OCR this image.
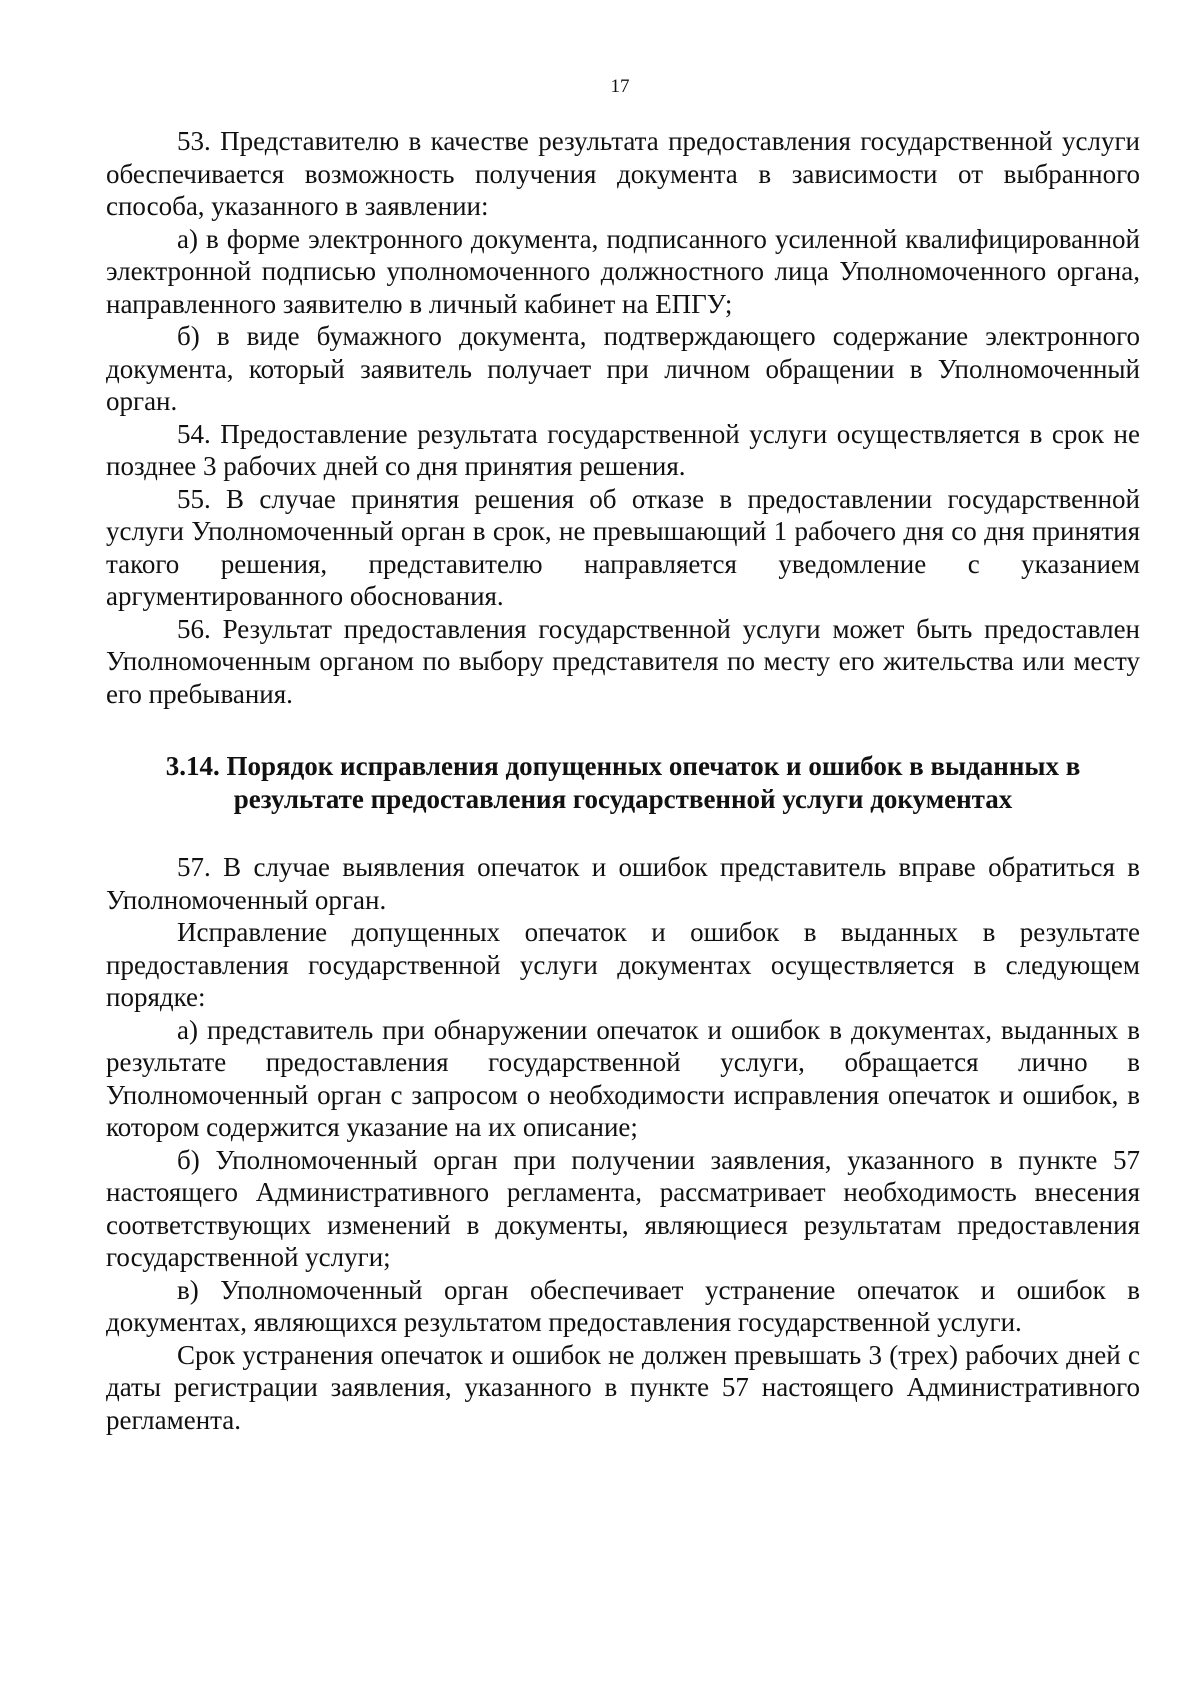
17

53. Представителю в качестве результата предоставления государственной услуги обеспечивается возможность получения документа в зависимости от выбранного способа, указанного в заявлении:

а) в форме электронного документа, подписанного усиленной квалифицированной электронной подписью уполномоченного должностного лица Уполномоченного органа, направленного заявителю в личный кабинет на ЕПГУ;

б) в виде бумажного документа, подтверждающего содержание электронного документа, который заявитель получает при личном обращении в Уполномоченный орган.

54. Предоставление результата государственной услуги осуществляется в срок не позднее 3 рабочих дней со дня принятия решения.

55. В случае принятия решения об отказе в предоставлении государственной услуги Уполномоченный орган в срок, не превышающий 1 рабочего дня со дня принятия такого решения, представителю направляется уведомление с указанием аргументированного обоснования.

56. Результат предоставления государственной услуги может быть предоставлен Уполномоченным органом по выбору представителя по месту его жительства или месту его пребывания.

3.14. Порядок исправления допущенных опечаток и ошибок в выданных в
результате предоставления государственной услуги документах

57. В случае выявления опечаток и ошибок представитель вправе обратиться в Уполномоченный орган.

Исправление допущенных опечаток и ошибок в выданных в результате предоставления государственной услуги документах осуществляется в следующем порядке:

а) представитель при обнаружении опечаток и ошибок в документах, выданных в результате предоставления государственной услуги, обращается лично в Уполномоченный орган с запросом о необходимости исправления опечаток и ошибок, в котором содержится указание на их описание;

б) Уполномоченный орган при получении заявления, указанного в пункте 57 настоящего Административного регламента, рассматривает необходимость внесения соответствующих изменений в документы, являющиеся результатам предоставления государственной услуги;

в) Уполномоченный орган обеспечивает устранение опечаток и ошибок в документах, являющихся результатом предоставления государственной услуги.

Срок устранения опечаток и ошибок не должен превышать 3 (трех) рабочих дней с даты регистрации заявления, указанного в пункте 57 настоящего Административного регламента.
